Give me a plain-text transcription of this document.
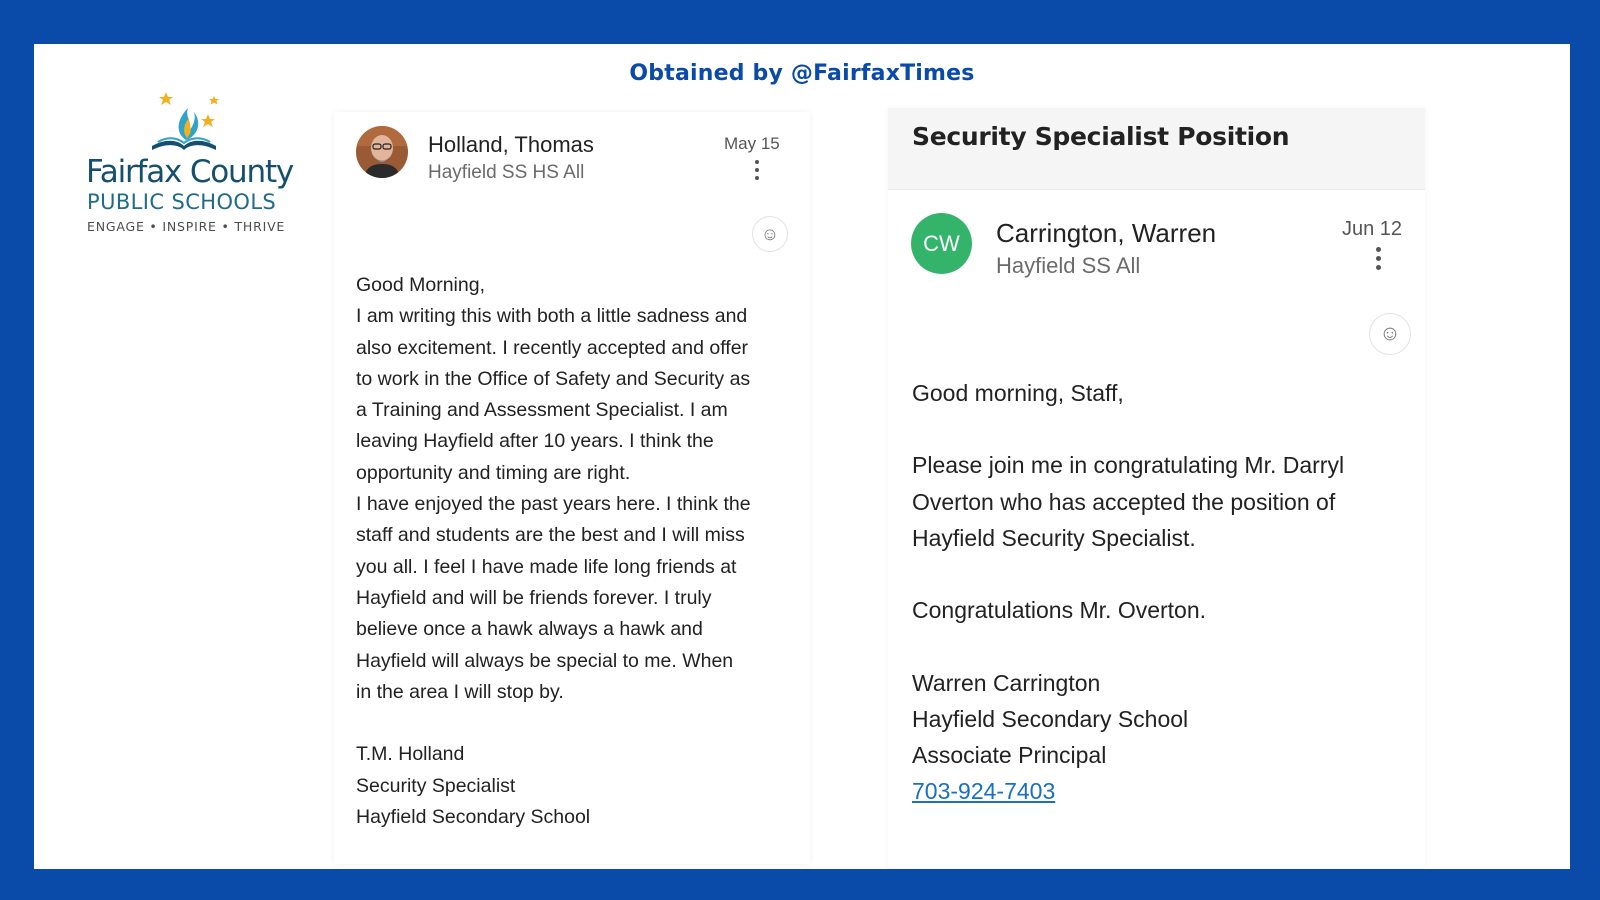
Obtained by @FairfaxTimes
Fairfax County
PUBLIC SCHOOLS
ENGAGE • INSPIRE • THRIVE
Holland, Thomas
Hayfield SS HS All
May 15
☺

Good Morning,

I am writing this with both a little sadness and

also excitement. I recently accepted and offer

to work in the Office of Safety and Security as

a Training and Assessment Specialist. I am

leaving Hayfield after 10 years. I think the

opportunity and timing are right.

I have enjoyed the past years here. I think the

staff and students are the best and I will miss

you all. I feel I have made life long friends at

Hayfield and will be friends forever. I truly

believe once a hawk always a hawk and

Hayfield will always be special to me. When

in the area I will stop by.

T.M. Holland

Security Specialist

Hayfield Secondary School

Security Specialist Position
CW	Carrington, Warren
Hayfield SS All
Jun 12
☺

Good morning, Staff,

Please join me in congratulating Mr. Darryl

Overton who has accepted the position of

Hayfield Security Specialist.

Congratulations Mr. Overton.

Warren Carrington

Hayfield Secondary School

Associate Principal

703-924-7403
